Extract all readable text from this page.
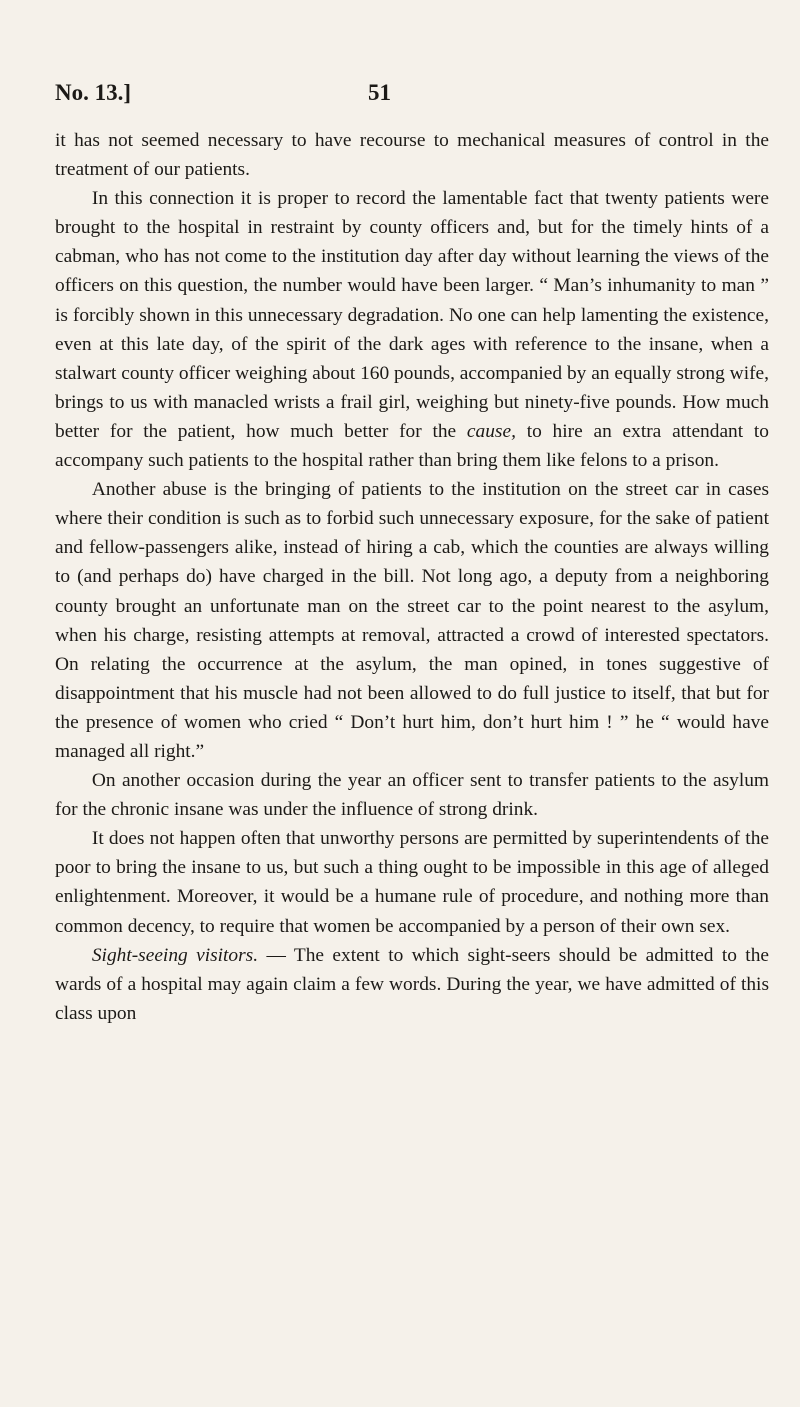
No. 13.]	51

it has not seemed necessary to have recourse to mechanical measures of control in the treatment of our patients.

In this connection it is proper to record the lamentable fact that twenty patients were brought to the hospital in restraint by county officers and, but for the timely hints of a cabman, who has not come to the institution day after day without learning the views of the officers on this question, the number would have been larger. “ Man’s inhumanity to man ” is forcibly shown in this unnecessary degradation. No one can help lamenting the existence, even at this late day, of the spirit of the dark ages with reference to the insane, when a stalwart county officer weighing about 160 pounds, accompanied by an equally strong wife, brings to us with manacled wrists a frail girl, weighing but ninety-five pounds. How much better for the patient, how much better for the cause, to hire an extra attendant to accompany such patients to the hospital rather than bring them like felons to a prison.

Another abuse is the bringing of patients to the institution on the street car in cases where their condition is such as to forbid such unnecessary exposure, for the sake of patient and fellow-passengers alike, instead of hiring a cab, which the counties are always willing to (and perhaps do) have charged in the bill. Not long ago, a deputy from a neighboring county brought an unfortunate man on the street car to the point nearest to the asylum, when his charge, resisting attempts at removal, attracted a crowd of interested spectators. On relating the occurrence at the asylum, the man opined, in tones suggestive of disappointment that his muscle had not been allowed to do full justice to itself, that but for the presence of women who cried “ Don’t hurt him, don’t hurt him ! ” he “ would have managed all right.”

On another occasion during the year an officer sent to transfer patients to the asylum for the chronic insane was under the influence of strong drink.

It does not happen often that unworthy persons are permitted by superintendents of the poor to bring the insane to us, but such a thing ought to be impossible in this age of alleged enlightenment. Moreover, it would be a humane rule of procedure, and nothing more than common decency, to require that women be accompanied by a person of their own sex.

Sight-seeing visitors. — The extent to which sight-seers should be admitted to the wards of a hospital may again claim a few words. During the year, we have admitted of this class upon
